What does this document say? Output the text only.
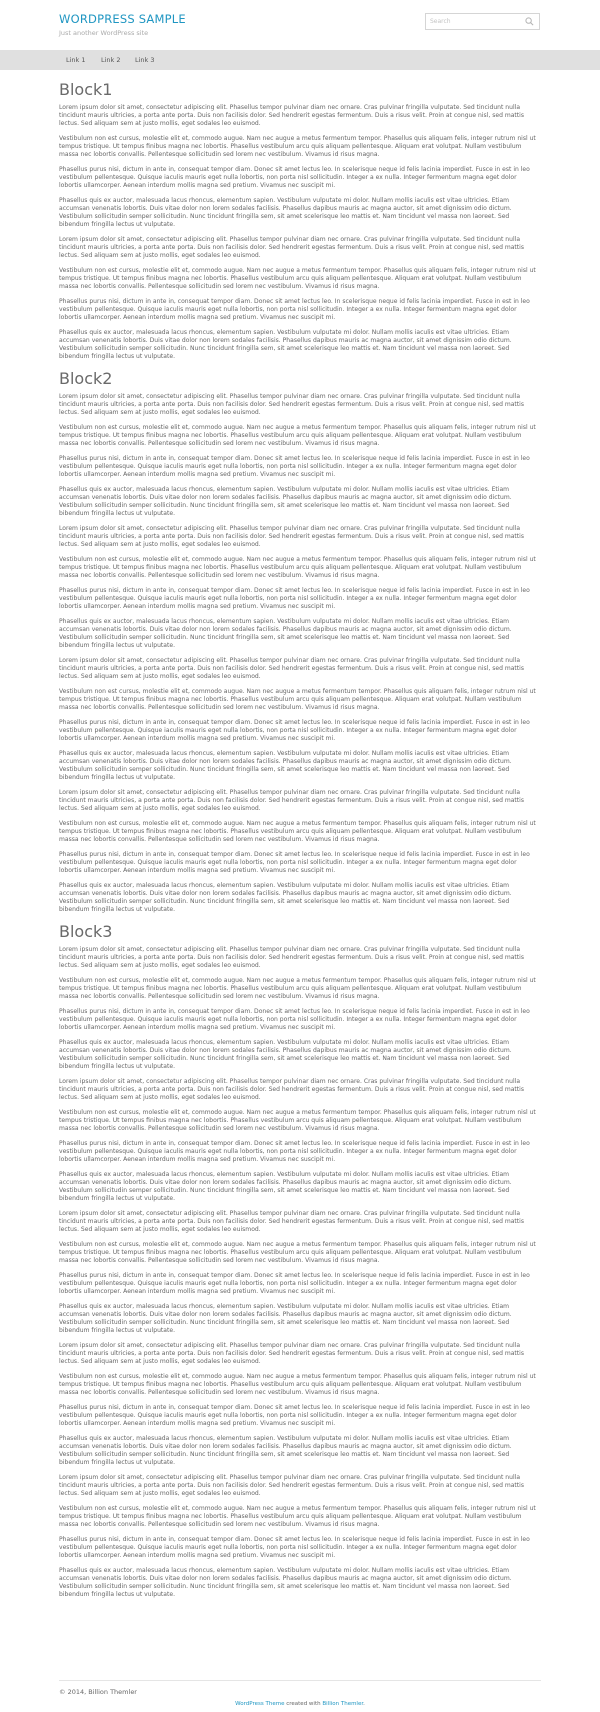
WORDPRESS SAMPLE
Just another WordPress site
Search
Link 1 Link 2 Link 3
Block1

Lorem ipsum dolor sit amet, consectetur adipiscing elit. Phasellus tempor pulvinar diam nec ornare. Cras pulvinar fringilla vulputate. Sed tincidunt nulla tincidunt mauris ultricies, a porta ante porta. Duis non facilisis dolor. Sed hendrerit egestas fermentum. Duis a risus velit. Proin at congue nisl, sed mattis lectus. Sed aliquam sem at justo mollis, eget sodales leo euismod.

Vestibulum non est cursus, molestie elit et, commodo augue. Nam nec augue a metus fermentum tempor. Phasellus quis aliquam felis, integer rutrum nisl ut tempus tristique. Ut tempus finibus magna nec lobortis. Phasellus vestibulum arcu quis aliquam pellentesque. Aliquam erat volutpat. Nullam vestibulum massa nec lobortis convallis. Pellentesque sollicitudin sed lorem nec vestibulum. Vivamus id risus magna.

Phasellus purus nisi, dictum in ante in, consequat tempor diam. Donec sit amet lectus leo. In scelerisque neque id felis lacinia imperdiet. Fusce in est in leo vestibulum pellentesque. Quisque iaculis mauris eget nulla lobortis, non porta nisl sollicitudin. Integer a ex nulla. Integer fermentum magna eget dolor lobortis ullamcorper. Aenean interdum mollis magna sed pretium. Vivamus nec suscipit mi.

Phasellus quis ex auctor, malesuada lacus rhoncus, elementum sapien. Vestibulum vulputate mi dolor. Nullam mollis iaculis est vitae ultricies. Etiam accumsan venenatis lobortis. Duis vitae dolor non lorem sodales facilisis. Phasellus dapibus mauris ac magna auctor, sit amet dignissim odio dictum. Vestibulum sollicitudin semper sollicitudin. Nunc tincidunt fringilla sem, sit amet scelerisque leo mattis et. Nam tincidunt vel massa non laoreet. Sed bibendum fringilla lectus ut vulputate.

Lorem ipsum dolor sit amet, consectetur adipiscing elit. Phasellus tempor pulvinar diam nec ornare. Cras pulvinar fringilla vulputate. Sed tincidunt nulla tincidunt mauris ultricies, a porta ante porta. Duis non facilisis dolor. Sed hendrerit egestas fermentum. Duis a risus velit. Proin at congue nisl, sed mattis lectus. Sed aliquam sem at justo mollis, eget sodales leo euismod.

Vestibulum non est cursus, molestie elit et, commodo augue. Nam nec augue a metus fermentum tempor. Phasellus quis aliquam felis, integer rutrum nisl ut tempus tristique. Ut tempus finibus magna nec lobortis. Phasellus vestibulum arcu quis aliquam pellentesque. Aliquam erat volutpat. Nullam vestibulum massa nec lobortis convallis. Pellentesque sollicitudin sed lorem nec vestibulum. Vivamus id risus magna.

Phasellus purus nisi, dictum in ante in, consequat tempor diam. Donec sit amet lectus leo. In scelerisque neque id felis lacinia imperdiet. Fusce in est in leo vestibulum pellentesque. Quisque iaculis mauris eget nulla lobortis, non porta nisl sollicitudin. Integer a ex nulla. Integer fermentum magna eget dolor lobortis ullamcorper. Aenean interdum mollis magna sed pretium. Vivamus nec suscipit mi.

Phasellus quis ex auctor, malesuada lacus rhoncus, elementum sapien. Vestibulum vulputate mi dolor. Nullam mollis iaculis est vitae ultricies. Etiam accumsan venenatis lobortis. Duis vitae dolor non lorem sodales facilisis. Phasellus dapibus mauris ac magna auctor, sit amet dignissim odio dictum. Vestibulum sollicitudin semper sollicitudin. Nunc tincidunt fringilla sem, sit amet scelerisque leo mattis et. Nam tincidunt vel massa non laoreet. Sed bibendum fringilla lectus ut vulputate.

Block2

Lorem ipsum dolor sit amet, consectetur adipiscing elit. Phasellus tempor pulvinar diam nec ornare. Cras pulvinar fringilla vulputate. Sed tincidunt nulla tincidunt mauris ultricies, a porta ante porta. Duis non facilisis dolor. Sed hendrerit egestas fermentum. Duis a risus velit. Proin at congue nisl, sed mattis lectus. Sed aliquam sem at justo mollis, eget sodales leo euismod.

Vestibulum non est cursus, molestie elit et, commodo augue. Nam nec augue a metus fermentum tempor. Phasellus quis aliquam felis, integer rutrum nisl ut tempus tristique. Ut tempus finibus magna nec lobortis. Phasellus vestibulum arcu quis aliquam pellentesque. Aliquam erat volutpat. Nullam vestibulum massa nec lobortis convallis. Pellentesque sollicitudin sed lorem nec vestibulum. Vivamus id risus magna.

Phasellus purus nisi, dictum in ante in, consequat tempor diam. Donec sit amet lectus leo. In scelerisque neque id felis lacinia imperdiet. Fusce in est in leo vestibulum pellentesque. Quisque iaculis mauris eget nulla lobortis, non porta nisl sollicitudin. Integer a ex nulla. Integer fermentum magna eget dolor lobortis ullamcorper. Aenean interdum mollis magna sed pretium. Vivamus nec suscipit mi.

Phasellus quis ex auctor, malesuada lacus rhoncus, elementum sapien. Vestibulum vulputate mi dolor. Nullam mollis iaculis est vitae ultricies. Etiam accumsan venenatis lobortis. Duis vitae dolor non lorem sodales facilisis. Phasellus dapibus mauris ac magna auctor, sit amet dignissim odio dictum. Vestibulum sollicitudin semper sollicitudin. Nunc tincidunt fringilla sem, sit amet scelerisque leo mattis et. Nam tincidunt vel massa non laoreet. Sed bibendum fringilla lectus ut vulputate.

Lorem ipsum dolor sit amet, consectetur adipiscing elit. Phasellus tempor pulvinar diam nec ornare. Cras pulvinar fringilla vulputate. Sed tincidunt nulla tincidunt mauris ultricies, a porta ante porta. Duis non facilisis dolor. Sed hendrerit egestas fermentum. Duis a risus velit. Proin at congue nisl, sed mattis lectus. Sed aliquam sem at justo mollis, eget sodales leo euismod.

Vestibulum non est cursus, molestie elit et, commodo augue. Nam nec augue a metus fermentum tempor. Phasellus quis aliquam felis, integer rutrum nisl ut tempus tristique. Ut tempus finibus magna nec lobortis. Phasellus vestibulum arcu quis aliquam pellentesque. Aliquam erat volutpat. Nullam vestibulum massa nec lobortis convallis. Pellentesque sollicitudin sed lorem nec vestibulum. Vivamus id risus magna.

Phasellus purus nisi, dictum in ante in, consequat tempor diam. Donec sit amet lectus leo. In scelerisque neque id felis lacinia imperdiet. Fusce in est in leo vestibulum pellentesque. Quisque iaculis mauris eget nulla lobortis, non porta nisl sollicitudin. Integer a ex nulla. Integer fermentum magna eget dolor lobortis ullamcorper. Aenean interdum mollis magna sed pretium. Vivamus nec suscipit mi.

Phasellus quis ex auctor, malesuada lacus rhoncus, elementum sapien. Vestibulum vulputate mi dolor. Nullam mollis iaculis est vitae ultricies. Etiam accumsan venenatis lobortis. Duis vitae dolor non lorem sodales facilisis. Phasellus dapibus mauris ac magna auctor, sit amet dignissim odio dictum. Vestibulum sollicitudin semper sollicitudin. Nunc tincidunt fringilla sem, sit amet scelerisque leo mattis et. Nam tincidunt vel massa non laoreet. Sed bibendum fringilla lectus ut vulputate.

Lorem ipsum dolor sit amet, consectetur adipiscing elit. Phasellus tempor pulvinar diam nec ornare. Cras pulvinar fringilla vulputate. Sed tincidunt nulla tincidunt mauris ultricies, a porta ante porta. Duis non facilisis dolor. Sed hendrerit egestas fermentum. Duis a risus velit. Proin at congue nisl, sed mattis lectus. Sed aliquam sem at justo mollis, eget sodales leo euismod.

Vestibulum non est cursus, molestie elit et, commodo augue. Nam nec augue a metus fermentum tempor. Phasellus quis aliquam felis, integer rutrum nisl ut tempus tristique. Ut tempus finibus magna nec lobortis. Phasellus vestibulum arcu quis aliquam pellentesque. Aliquam erat volutpat. Nullam vestibulum massa nec lobortis convallis. Pellentesque sollicitudin sed lorem nec vestibulum. Vivamus id risus magna.

Phasellus purus nisi, dictum in ante in, consequat tempor diam. Donec sit amet lectus leo. In scelerisque neque id felis lacinia imperdiet. Fusce in est in leo vestibulum pellentesque. Quisque iaculis mauris eget nulla lobortis, non porta nisl sollicitudin. Integer a ex nulla. Integer fermentum magna eget dolor lobortis ullamcorper. Aenean interdum mollis magna sed pretium. Vivamus nec suscipit mi.

Phasellus quis ex auctor, malesuada lacus rhoncus, elementum sapien. Vestibulum vulputate mi dolor. Nullam mollis iaculis est vitae ultricies. Etiam accumsan venenatis lobortis. Duis vitae dolor non lorem sodales facilisis. Phasellus dapibus mauris ac magna auctor, sit amet dignissim odio dictum. Vestibulum sollicitudin semper sollicitudin. Nunc tincidunt fringilla sem, sit amet scelerisque leo mattis et. Nam tincidunt vel massa non laoreet. Sed bibendum fringilla lectus ut vulputate.

Lorem ipsum dolor sit amet, consectetur adipiscing elit. Phasellus tempor pulvinar diam nec ornare. Cras pulvinar fringilla vulputate. Sed tincidunt nulla tincidunt mauris ultricies, a porta ante porta. Duis non facilisis dolor. Sed hendrerit egestas fermentum. Duis a risus velit. Proin at congue nisl, sed mattis lectus. Sed aliquam sem at justo mollis, eget sodales leo euismod.

Vestibulum non est cursus, molestie elit et, commodo augue. Nam nec augue a metus fermentum tempor. Phasellus quis aliquam felis, integer rutrum nisl ut tempus tristique. Ut tempus finibus magna nec lobortis. Phasellus vestibulum arcu quis aliquam pellentesque. Aliquam erat volutpat. Nullam vestibulum massa nec lobortis convallis. Pellentesque sollicitudin sed lorem nec vestibulum. Vivamus id risus magna.

Phasellus purus nisi, dictum in ante in, consequat tempor diam. Donec sit amet lectus leo. In scelerisque neque id felis lacinia imperdiet. Fusce in est in leo vestibulum pellentesque. Quisque iaculis mauris eget nulla lobortis, non porta nisl sollicitudin. Integer a ex nulla. Integer fermentum magna eget dolor lobortis ullamcorper. Aenean interdum mollis magna sed pretium. Vivamus nec suscipit mi.

Phasellus quis ex auctor, malesuada lacus rhoncus, elementum sapien. Vestibulum vulputate mi dolor. Nullam mollis iaculis est vitae ultricies. Etiam accumsan venenatis lobortis. Duis vitae dolor non lorem sodales facilisis. Phasellus dapibus mauris ac magna auctor, sit amet dignissim odio dictum. Vestibulum sollicitudin semper sollicitudin. Nunc tincidunt fringilla sem, sit amet scelerisque leo mattis et. Nam tincidunt vel massa non laoreet. Sed bibendum fringilla lectus ut vulputate.

Block3

Lorem ipsum dolor sit amet, consectetur adipiscing elit. Phasellus tempor pulvinar diam nec ornare. Cras pulvinar fringilla vulputate. Sed tincidunt nulla tincidunt mauris ultricies, a porta ante porta. Duis non facilisis dolor. Sed hendrerit egestas fermentum. Duis a risus velit. Proin at congue nisl, sed mattis lectus. Sed aliquam sem at justo mollis, eget sodales leo euismod.

Vestibulum non est cursus, molestie elit et, commodo augue. Nam nec augue a metus fermentum tempor. Phasellus quis aliquam felis, integer rutrum nisl ut tempus tristique. Ut tempus finibus magna nec lobortis. Phasellus vestibulum arcu quis aliquam pellentesque. Aliquam erat volutpat. Nullam vestibulum massa nec lobortis convallis. Pellentesque sollicitudin sed lorem nec vestibulum. Vivamus id risus magna.

Phasellus purus nisi, dictum in ante in, consequat tempor diam. Donec sit amet lectus leo. In scelerisque neque id felis lacinia imperdiet. Fusce in est in leo vestibulum pellentesque. Quisque iaculis mauris eget nulla lobortis, non porta nisl sollicitudin. Integer a ex nulla. Integer fermentum magna eget dolor lobortis ullamcorper. Aenean interdum mollis magna sed pretium. Vivamus nec suscipit mi.

Phasellus quis ex auctor, malesuada lacus rhoncus, elementum sapien. Vestibulum vulputate mi dolor. Nullam mollis iaculis est vitae ultricies. Etiam accumsan venenatis lobortis. Duis vitae dolor non lorem sodales facilisis. Phasellus dapibus mauris ac magna auctor, sit amet dignissim odio dictum. Vestibulum sollicitudin semper sollicitudin. Nunc tincidunt fringilla sem, sit amet scelerisque leo mattis et. Nam tincidunt vel massa non laoreet. Sed bibendum fringilla lectus ut vulputate.

Lorem ipsum dolor sit amet, consectetur adipiscing elit. Phasellus tempor pulvinar diam nec ornare. Cras pulvinar fringilla vulputate. Sed tincidunt nulla tincidunt mauris ultricies, a porta ante porta. Duis non facilisis dolor. Sed hendrerit egestas fermentum. Duis a risus velit. Proin at congue nisl, sed mattis lectus. Sed aliquam sem at justo mollis, eget sodales leo euismod.

Vestibulum non est cursus, molestie elit et, commodo augue. Nam nec augue a metus fermentum tempor. Phasellus quis aliquam felis, integer rutrum nisl ut tempus tristique. Ut tempus finibus magna nec lobortis. Phasellus vestibulum arcu quis aliquam pellentesque. Aliquam erat volutpat. Nullam vestibulum massa nec lobortis convallis. Pellentesque sollicitudin sed lorem nec vestibulum. Vivamus id risus magna.

Phasellus purus nisi, dictum in ante in, consequat tempor diam. Donec sit amet lectus leo. In scelerisque neque id felis lacinia imperdiet. Fusce in est in leo vestibulum pellentesque. Quisque iaculis mauris eget nulla lobortis, non porta nisl sollicitudin. Integer a ex nulla. Integer fermentum magna eget dolor lobortis ullamcorper. Aenean interdum mollis magna sed pretium. Vivamus nec suscipit mi.

Phasellus quis ex auctor, malesuada lacus rhoncus, elementum sapien. Vestibulum vulputate mi dolor. Nullam mollis iaculis est vitae ultricies. Etiam accumsan venenatis lobortis. Duis vitae dolor non lorem sodales facilisis. Phasellus dapibus mauris ac magna auctor, sit amet dignissim odio dictum. Vestibulum sollicitudin semper sollicitudin. Nunc tincidunt fringilla sem, sit amet scelerisque leo mattis et. Nam tincidunt vel massa non laoreet. Sed bibendum fringilla lectus ut vulputate.

Lorem ipsum dolor sit amet, consectetur adipiscing elit. Phasellus tempor pulvinar diam nec ornare. Cras pulvinar fringilla vulputate. Sed tincidunt nulla tincidunt mauris ultricies, a porta ante porta. Duis non facilisis dolor. Sed hendrerit egestas fermentum. Duis a risus velit. Proin at congue nisl, sed mattis lectus. Sed aliquam sem at justo mollis, eget sodales leo euismod.

Vestibulum non est cursus, molestie elit et, commodo augue. Nam nec augue a metus fermentum tempor. Phasellus quis aliquam felis, integer rutrum nisl ut tempus tristique. Ut tempus finibus magna nec lobortis. Phasellus vestibulum arcu quis aliquam pellentesque. Aliquam erat volutpat. Nullam vestibulum massa nec lobortis convallis. Pellentesque sollicitudin sed lorem nec vestibulum. Vivamus id risus magna.

Phasellus purus nisi, dictum in ante in, consequat tempor diam. Donec sit amet lectus leo. In scelerisque neque id felis lacinia imperdiet. Fusce in est in leo vestibulum pellentesque. Quisque iaculis mauris eget nulla lobortis, non porta nisl sollicitudin. Integer a ex nulla. Integer fermentum magna eget dolor lobortis ullamcorper. Aenean interdum mollis magna sed pretium. Vivamus nec suscipit mi.

Phasellus quis ex auctor, malesuada lacus rhoncus, elementum sapien. Vestibulum vulputate mi dolor. Nullam mollis iaculis est vitae ultricies. Etiam accumsan venenatis lobortis. Duis vitae dolor non lorem sodales facilisis. Phasellus dapibus mauris ac magna auctor, sit amet dignissim odio dictum. Vestibulum sollicitudin semper sollicitudin. Nunc tincidunt fringilla sem, sit amet scelerisque leo mattis et. Nam tincidunt vel massa non laoreet. Sed bibendum fringilla lectus ut vulputate.

Lorem ipsum dolor sit amet, consectetur adipiscing elit. Phasellus tempor pulvinar diam nec ornare. Cras pulvinar fringilla vulputate. Sed tincidunt nulla tincidunt mauris ultricies, a porta ante porta. Duis non facilisis dolor. Sed hendrerit egestas fermentum. Duis a risus velit. Proin at congue nisl, sed mattis lectus. Sed aliquam sem at justo mollis, eget sodales leo euismod.

Vestibulum non est cursus, molestie elit et, commodo augue. Nam nec augue a metus fermentum tempor. Phasellus quis aliquam felis, integer rutrum nisl ut tempus tristique. Ut tempus finibus magna nec lobortis. Phasellus vestibulum arcu quis aliquam pellentesque. Aliquam erat volutpat. Nullam vestibulum massa nec lobortis convallis. Pellentesque sollicitudin sed lorem nec vestibulum. Vivamus id risus magna.

Phasellus purus nisi, dictum in ante in, consequat tempor diam. Donec sit amet lectus leo. In scelerisque neque id felis lacinia imperdiet. Fusce in est in leo vestibulum pellentesque. Quisque iaculis mauris eget nulla lobortis, non porta nisl sollicitudin. Integer a ex nulla. Integer fermentum magna eget dolor lobortis ullamcorper. Aenean interdum mollis magna sed pretium. Vivamus nec suscipit mi.

Phasellus quis ex auctor, malesuada lacus rhoncus, elementum sapien. Vestibulum vulputate mi dolor. Nullam mollis iaculis est vitae ultricies. Etiam accumsan venenatis lobortis. Duis vitae dolor non lorem sodales facilisis. Phasellus dapibus mauris ac magna auctor, sit amet dignissim odio dictum. Vestibulum sollicitudin semper sollicitudin. Nunc tincidunt fringilla sem, sit amet scelerisque leo mattis et. Nam tincidunt vel massa non laoreet. Sed bibendum fringilla lectus ut vulputate.

Lorem ipsum dolor sit amet, consectetur adipiscing elit. Phasellus tempor pulvinar diam nec ornare. Cras pulvinar fringilla vulputate. Sed tincidunt nulla tincidunt mauris ultricies, a porta ante porta. Duis non facilisis dolor. Sed hendrerit egestas fermentum. Duis a risus velit. Proin at congue nisl, sed mattis lectus. Sed aliquam sem at justo mollis, eget sodales leo euismod.

Vestibulum non est cursus, molestie elit et, commodo augue. Nam nec augue a metus fermentum tempor. Phasellus quis aliquam felis, integer rutrum nisl ut tempus tristique. Ut tempus finibus magna nec lobortis. Phasellus vestibulum arcu quis aliquam pellentesque. Aliquam erat volutpat. Nullam vestibulum massa nec lobortis convallis. Pellentesque sollicitudin sed lorem nec vestibulum. Vivamus id risus magna.

Phasellus purus nisi, dictum in ante in, consequat tempor diam. Donec sit amet lectus leo. In scelerisque neque id felis lacinia imperdiet. Fusce in est in leo vestibulum pellentesque. Quisque iaculis mauris eget nulla lobortis, non porta nisl sollicitudin. Integer a ex nulla. Integer fermentum magna eget dolor lobortis ullamcorper. Aenean interdum mollis magna sed pretium. Vivamus nec suscipit mi.

Phasellus quis ex auctor, malesuada lacus rhoncus, elementum sapien. Vestibulum vulputate mi dolor. Nullam mollis iaculis est vitae ultricies. Etiam accumsan venenatis lobortis. Duis vitae dolor non lorem sodales facilisis. Phasellus dapibus mauris ac magna auctor, sit amet dignissim odio dictum. Vestibulum sollicitudin semper sollicitudin. Nunc tincidunt fringilla sem, sit amet scelerisque leo mattis et. Nam tincidunt vel massa non laoreet. Sed bibendum fringilla lectus ut vulputate.

© 2014, Billion Themler
WordPress Theme created with Billion Themler.
